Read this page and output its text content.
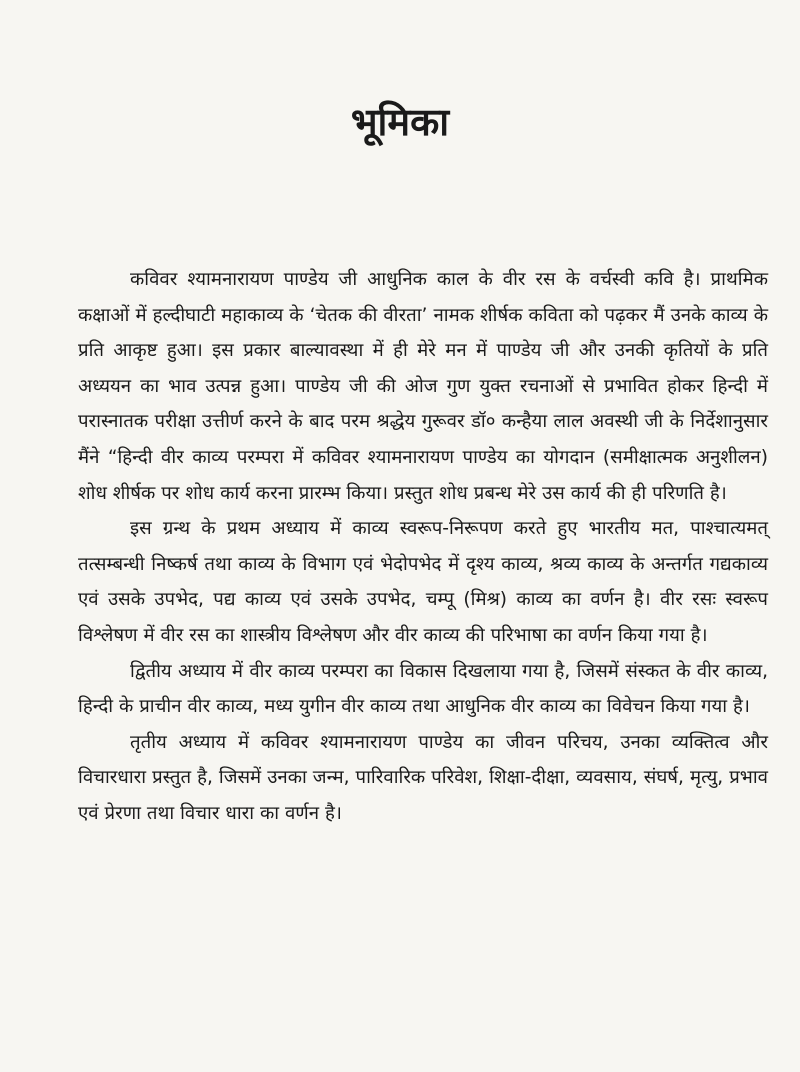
भूमिका

कविवर श्यामनारायण पाण्डेय जी आधुनिक काल के वीर रस के वर्चस्वी कवि है। प्राथमिक कक्षाओं में हल्दीघाटी महाकाव्य के ‘चेतक की वीरता’ नामक शीर्षक कविता को पढ़कर मैं उनके काव्य के प्रति आकृष्ट हुआ। इस प्रकार बाल्यावस्था में ही मेरे मन में पाण्डेय जी और उनकी कृतियों के प्रति अध्ययन का भाव उत्पन्न हुआ। पाण्डेय जी की ओज गुण युक्त रचनाओं से प्रभावित होकर हिन्दी में परास्नातक परीक्षा उत्तीर्ण करने के बाद परम श्रद्धेय गुरूवर डॉ० कन्हैया लाल अवस्थी जी के निर्देशानुसार मैंने “हिन्दी वीर काव्य परम्परा में कविवर श्यामनारायण पाण्डेय का योगदान (समीक्षात्मक अनुशीलन) शोध शीर्षक पर शोध कार्य करना प्रारम्भ किया। प्रस्तुत शोध प्रबन्ध मेरे उस कार्य की ही परिणति है।

इस ग्रन्थ के प्रथम अध्याय में काव्य स्वरूप-निरूपण करते हुए भारतीय मत, पाश्चात्यमत् तत्सम्बन्धी निष्कर्ष तथा काव्य के विभाग एवं भेदोपभेद में दृश्य काव्य, श्रव्य काव्य के अन्तर्गत गद्यकाव्य एवं उसके उपभेद, पद्य काव्य एवं उसके उपभेद, चम्पू (मिश्र) काव्य का वर्णन है। वीर रसः स्वरूप विश्लेषण में वीर रस का शास्त्रीय विश्लेषण और वीर काव्य की परिभाषा का वर्णन किया गया है।

द्वितीय अध्याय में वीर काव्य परम्परा का विकास दिखलाया गया है, जिसमें संस्कत के वीर काव्य, हिन्दी के प्राचीन वीर काव्य, मध्य युगीन वीर काव्य तथा आधुनिक वीर काव्य का विवेचन किया गया है।

तृतीय अध्याय में कविवर श्यामनारायण पाण्डेय का जीवन परिचय, उनका व्यक्तित्व और विचारधारा प्रस्तुत है, जिसमें उनका जन्म, पारिवारिक परिवेश, शिक्षा-दीक्षा, व्यवसाय, संघर्ष, मृत्यु, प्रभाव एवं प्रेरणा तथा विचार धारा का वर्णन है।
